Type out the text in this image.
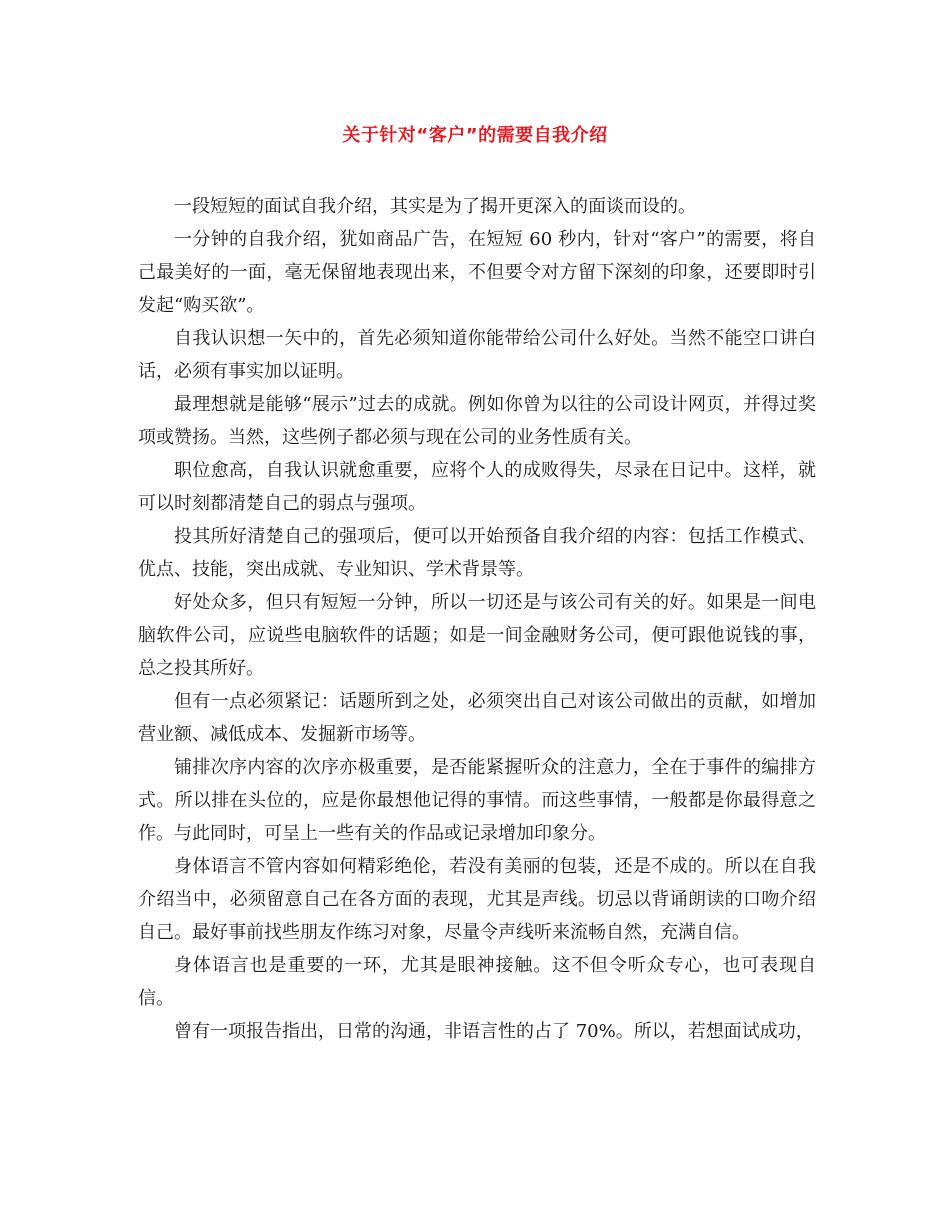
关于针对“客户”的需要自我介绍

一段短短的面试自我介绍，其实是为了揭开更深入的面谈而设的。

一分钟的自我介绍，犹如商品广告，在短短 60 秒内，针对“客户”的需要，将自己最美好的一面，毫无保留地表现出来，不但要令对方留下深刻的印象，还要即时引发起“购买欲”。

自我认识想一矢中的，首先必须知道你能带给公司什么好处。当然不能空口讲白话，必须有事实加以证明。

最理想就是能够“展示”过去的成就。例如你曾为以往的公司设计网页，并得过奖项或赞扬。当然，这些例子都必须与现在公司的业务性质有关。

职位愈高，自我认识就愈重要，应将个人的成败得失，尽录在日记中。这样，就可以时刻都清楚自己的弱点与强项。

投其所好清楚自己的强项后，便可以开始预备自我介绍的内容：包括工作模式、优点、技能，突出成就、专业知识、学术背景等。

好处众多，但只有短短一分钟，所以一切还是与该公司有关的好。如果是一间电脑软件公司，应说些电脑软件的话题；如是一间金融财务公司，便可跟他说钱的事，总之投其所好。

但有一点必须紧记：话题所到之处，必须突出自己对该公司做出的贡献，如增加营业额、减低成本、发掘新市场等。

铺排次序内容的次序亦极重要，是否能紧握听众的注意力，全在于事件的编排方式。所以排在头位的，应是你最想他记得的事情。而这些事情，一般都是你最得意之作。与此同时，可呈上一些有关的作品或记录增加印象分。

身体语言不管内容如何精彩绝伦，若没有美丽的包装，还是不成的。所以在自我介绍当中，必须留意自己在各方面的表现，尤其是声线。切忌以背诵朗读的口吻介绍自己。最好事前找些朋友作练习对象，尽量令声线听来流畅自然，充满自信。

身体语言也是重要的一环，尤其是眼神接触。这不但令听众专心，也可表现自信。

曾有一项报告指出，日常的沟通，非语言性的占了 70%。所以，若想面试成功，
